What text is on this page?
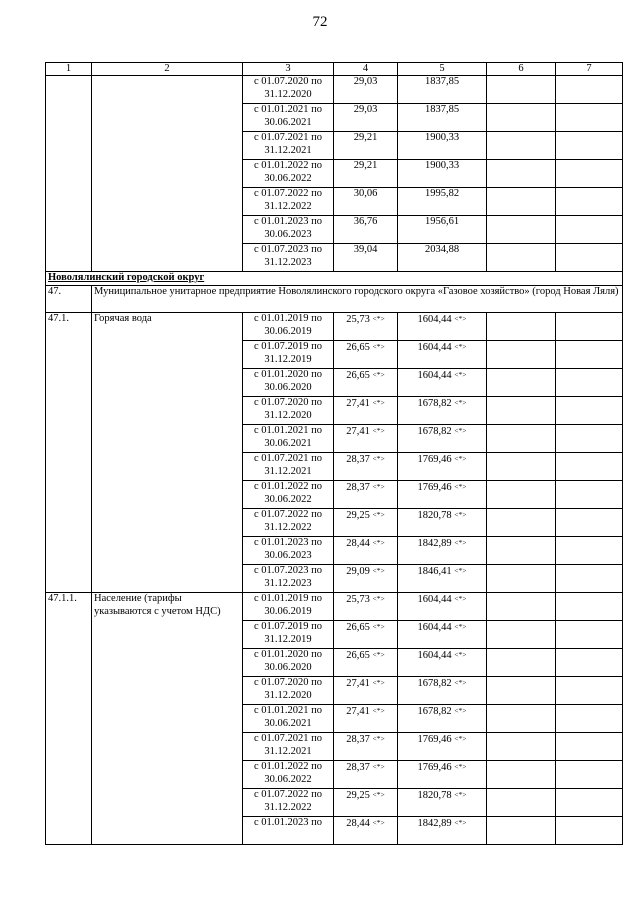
72
1	2	3	4	5	6	7
		с 01.07.2020 по 31.12.2020	29,03	1837,85		
		с 01.01.2021 по 30.06.2021	29,03	1837,85		
		с 01.07.2021 по 31.12.2021	29,21	1900,33		
		с 01.01.2022 по 30.06.2022	29,21	1900,33		
		с 01.07.2022 по 31.12.2022	30,06	1995,82		
		с 01.01.2023 по 30.06.2023	36,76	1956,61		
		с 01.07.2023 по 31.12.2023	39,04	2034,88		
Новолялинский городской округ						
47.	Муниципальное унитарное предприятие Новолялинского городского округа «Газовое хозяйство» (город Новая Ляля)					
47.1.	Горячая вода	с 01.01.2019 по 30.06.2019	25,73 <*>	1604,44 <*>		
		с 01.07.2019 по 31.12.2019	26,65 <*>	1604,44 <*>		
		с 01.01.2020 по 30.06.2020	26,65 <*>	1604,44 <*>		
		с 01.07.2020 по 31.12.2020	27,41 <*>	1678,82 <*>		
		с 01.01.2021 по 30.06.2021	27,41 <*>	1678,82 <*>		
		с 01.07.2021 по 31.12.2021	28,37 <*>	1769,46 <*>		
		с 01.01.2022 по 30.06.2022	28,37 <*>	1769,46 <*>		
		с 01.07.2022 по 31.12.2022	29,25 <*>	1820,78 <*>		
		с 01.01.2023 по 30.06.2023	28,44 <*>	1842,89 <*>		
		с 01.07.2023 по 31.12.2023	29,09 <*>	1846,41 <*>		
47.1.1.	Население (тарифы указываются с учетом НДС)	с 01.01.2019 по 30.06.2019	25,73 <*>	1604,44 <*>		
		с 01.07.2019 по 31.12.2019	26,65 <*>	1604,44 <*>		
		с 01.01.2020 по 30.06.2020	26,65 <*>	1604,44 <*>		
		с 01.07.2020 по 31.12.2020	27,41 <*>	1678,82 <*>		
		с 01.01.2021 по 30.06.2021	27,41 <*>	1678,82 <*>		
		с 01.07.2021 по 31.12.2021	28,37 <*>	1769,46 <*>		
		с 01.01.2022 по 30.06.2022	28,37 <*>	1769,46 <*>		
		с 01.07.2022 по 31.12.2022	29,25 <*>	1820,78 <*>		
		с 01.01.2023 по	28,44 <*>	1842,89 <*>		
